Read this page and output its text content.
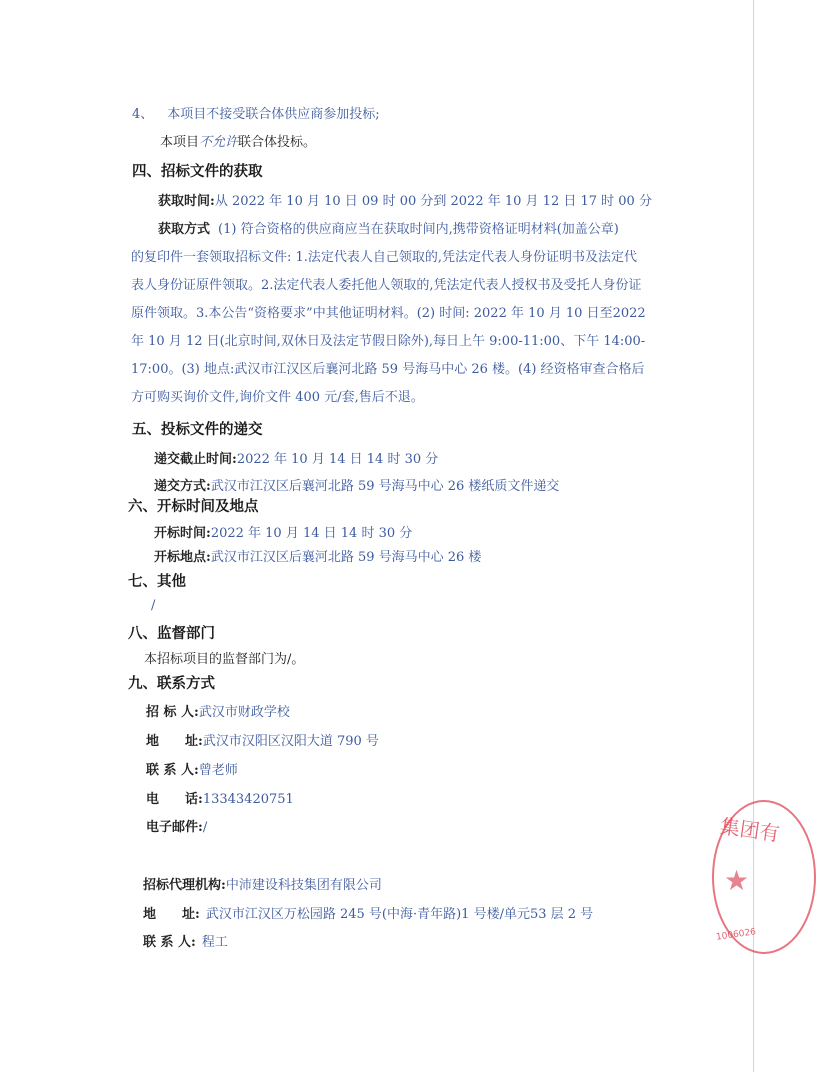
4、 本项目不接受联合体供应商参加投标;
本项目不允许联合体投标。
四、招标文件的获取
获取时间:从 2022 年 10 月 10 日 09 时 00 分到 2022 年 10 月 12 日 17 时 00 分
获取方式 (1) 符合资格的供应商应当在获取时间内,携带资格证明材料(加盖公章)
的复印件一套领取招标文件: 1.法定代表人自己领取的,凭法定代表人身份证明书及法定代
表人身份证原件领取。2.法定代表人委托他人领取的,凭法定代表人授权书及受托人身份证
原件领取。3.本公告“资格要求”中其他证明材料。(2) 时间: 2022 年 10 月 10 日至2022
年 10 月 12 日(北京时间,双休日及法定节假日除外),每日上午 9:00-11:00、下午 14:00-
17:00。(3) 地点:武汉市江汉区后襄河北路 59 号海马中心 26 楼。(4) 经资格审查合格后
方可购买询价文件,询价文件 400 元/套,售后不退。
五、投标文件的递交
递交截止时间:2022 年 10 月 14 日 14 时 30 分
递交方式:武汉市江汉区后襄河北路 59 号海马中心 26 楼纸质文件递交
六、开标时间及地点
开标时间:2022 年 10 月 14 日 14 时 30 分
开标地点:武汉市江汉区后襄河北路 59 号海马中心 26 楼
七、其他
/
八、监督部门
本招标项目的监督部门为/。
九、联系方式
招 标 人:武汉市财政学校
地　　址:武汉市汉阳区汉阳大道 790 号
联 系 人:曾老师
电　　话:13343420751
电子邮件:/
招标代理机构:中沛建设科技集团有限公司
地　　址: 武汉市江汉区万松园路 245 号(中海·青年路)1 号楼/单元53 层 2 号
联 系 人: 程工
集团有
★
1006026
